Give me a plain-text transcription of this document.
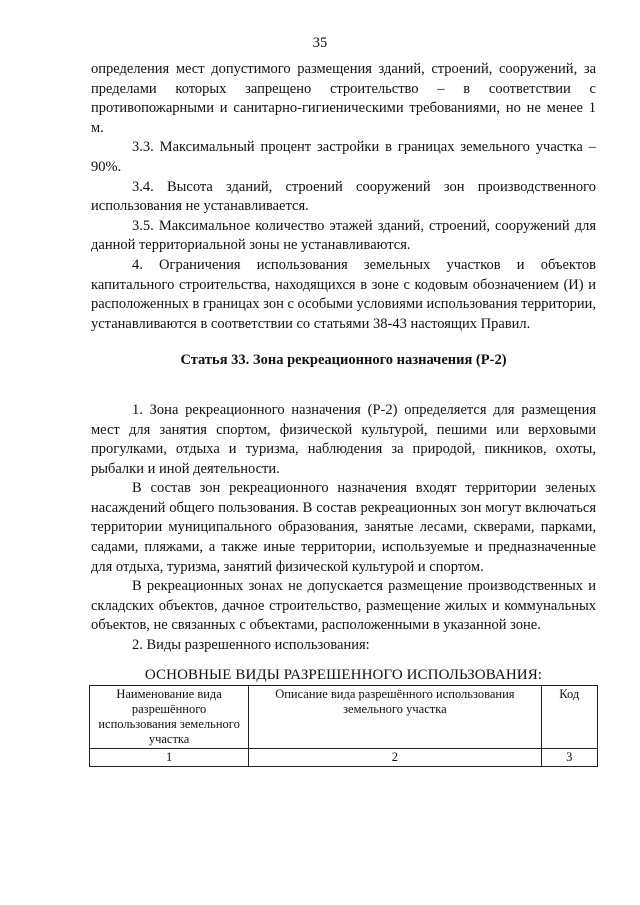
35

определения мест допустимого размещения зданий, строений, сооружений, за пределами которых запрещено строительство – в соответствии с противопожарными и санитарно-гигиеническими требованиями, но не менее 1 м.

3.3. Максимальный процент застройки в границах земельного участка – 90%.

3.4. Высота зданий, строений сооружений зон производственного использования не устанавливается.

3.5. Максимальное количество этажей зданий, строений, сооружений для данной территориальной зоны не устанавливаются.

4. Ограничения использования земельных участков и объектов капитального строительства, находящихся в зоне с кодовым обозначением (И) и расположенных в границах зон с особыми условиями использования территории, устанавливаются в соответствии со статьями 38-43 настоящих Правил.

Статья 33. Зона рекреационного назначения (Р-2)

1. Зона рекреационного назначения (Р-2) определяется для размещения мест для занятия спортом, физической культурой, пешими или верховыми прогулками, отдыха и туризма, наблюдения за природой, пикников, охоты, рыбалки и иной деятельности.

В состав зон рекреационного назначения входят территории зеленых насаждений общего пользования. В состав рекреационных зон могут включаться территории муниципального образования, занятые лесами, скверами, парками, садами, пляжами, а также иные территории, используемые и предназначенные для отдыха, туризма, занятий физической культурой и спортом.

В рекреационных зонах не допускается размещение производственных и складских объектов, дачное строительство, размещение жилых и коммунальных объектов, не связанных с объектами, расположенными в указанной зоне.

2. Виды разрешенного использования:

ОСНОВНЫЕ ВИДЫ РАЗРЕШЕННОГО ИСПОЛЬЗОВАНИЯ:
Наименование вида разрешённого использования земельного участка	Описание вида разрешённого использования земельного участка	Код
1	2	3
